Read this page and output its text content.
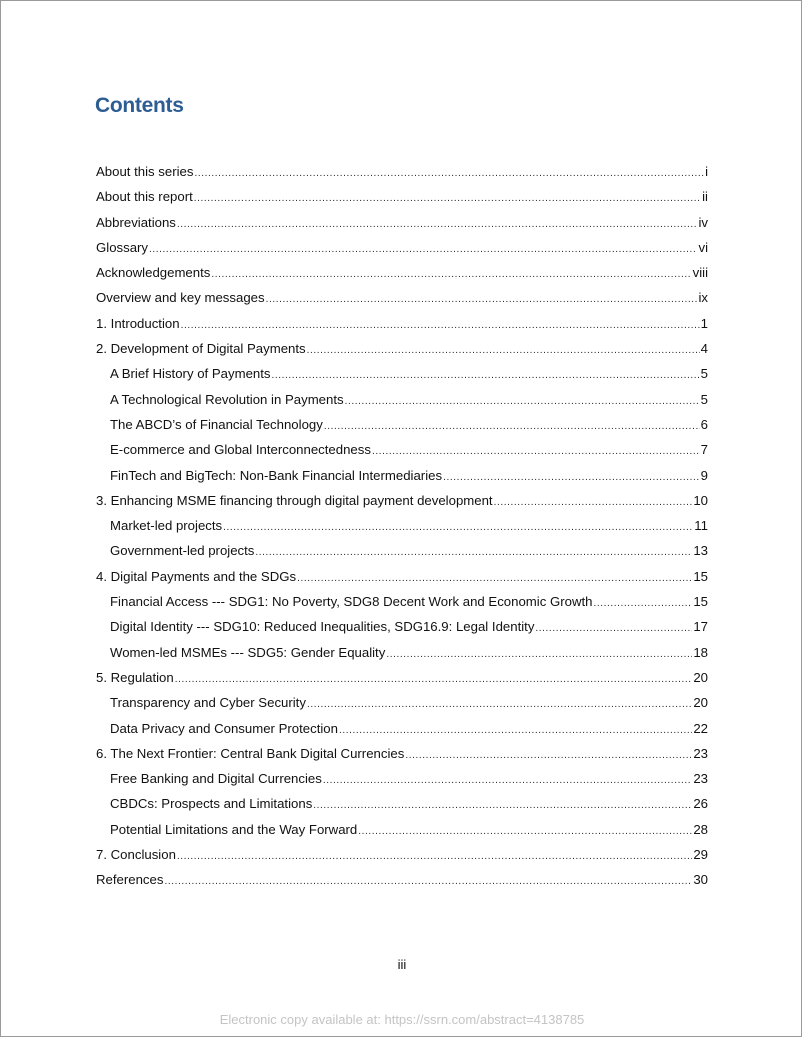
Contents
About this series .....	i
About this report .....	ii
Abbreviations .....	iv
Glossary .....	vi
Acknowledgements .....	viii
Overview and key messages .....	ix
1. Introduction .....	1
2. Development of Digital Payments .....	4
A Brief History of Payments .....	5
A Technological Revolution in Payments .....	5
The ABCD’s of Financial Technology .....	6
E-commerce and Global Interconnectedness .....	7
FinTech and BigTech: Non-Bank Financial Intermediaries .....	9
3. Enhancing MSME financing through digital payment development .....	10
Market-led projects .....	11
Government-led projects .....	13
4. Digital Payments and the SDGs .....	15
Financial Access --- SDG1: No Poverty, SDG8 Decent Work and Economic Growth .....	15
Digital Identity --- SDG10: Reduced Inequalities, SDG16.9: Legal Identity .....	17
Women-led MSMEs --- SDG5: Gender Equality .....	18
5. Regulation .....	20
Transparency and Cyber Security .....	20
Data Privacy and Consumer Protection .....	22
6. The Next Frontier: Central Bank Digital Currencies .....	23
Free Banking and Digital Currencies .....	23
CBDCs: Prospects and Limitations .....	26
Potential Limitations and the Way Forward .....	28
7. Conclusion .....	29
References .....	30
iii
Electronic copy available at: https://ssrn.com/abstract=4138785
